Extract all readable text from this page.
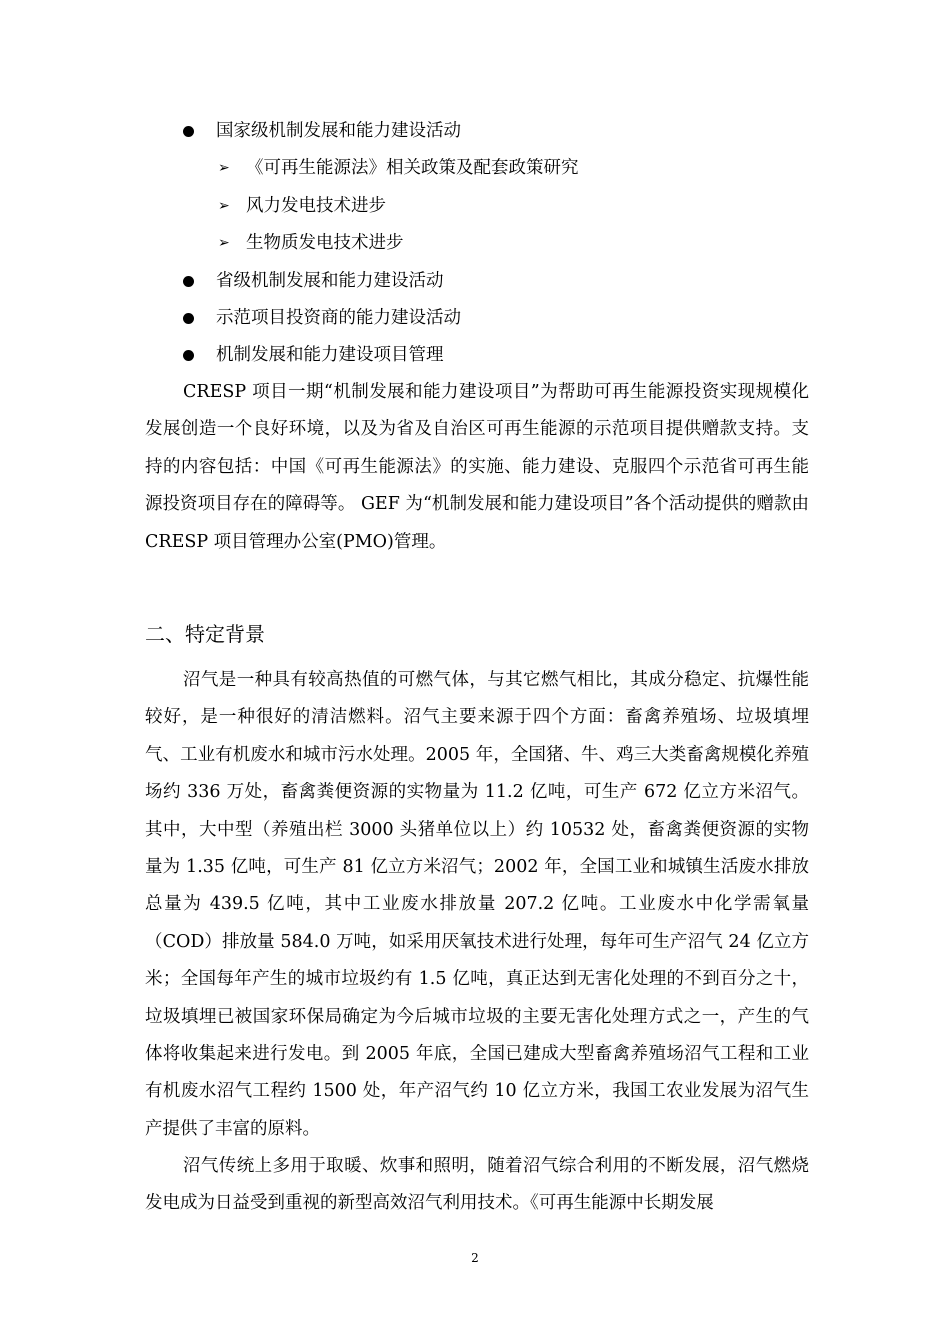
国家级机制发展和能力建设活动
➢ 《可再生能源法》相关政策及配套政策研究
➢ 风力发电技术进步
➢ 生物质发电技术进步
省级机制发展和能力建设活动
示范项目投资商的能力建设活动
机制发展和能力建设项目管理

CRESP 项目一期“机制发展和能力建设项目”为帮助可再生能源投资实现规模化发展创造一个良好环境，以及为省及自治区可再生能源的示范项目提供赠款支持。支持的内容包括：中国《可再生能源法》的实施、能力建设、克服四个示范省可再生能源投资项目存在的障碍等。 GEF 为“机制发展和能力建设项目”各个活动提供的赠款由 CRESP 项目管理办公室(PMO)管理。

二、特定背景

沼气是一种具有较高热值的可燃气体，与其它燃气相比，其成分稳定、抗爆性能较好，是一种很好的清洁燃料。沼气主要来源于四个方面：畜禽养殖场、垃圾填埋气、工业有机废水和城市污水处理。2005 年，全国猪、牛、鸡三大类畜禽规模化养殖场约 336 万处，畜禽粪便资源的实物量为 11.2 亿吨，可生产 672 亿立方米沼气。其中，大中型（养殖出栏 3000 头猪单位以上）约 10532 处，畜禽粪便资源的实物量为 1.35 亿吨，可生产 81 亿立方米沼气；2002 年，全国工业和城镇生活废水排放总量为 439.5 亿吨，其中工业废水排放量 207.2 亿吨。工业废水中化学需氧量（COD）排放量 584.0 万吨，如采用厌氧技术进行处理，每年可生产沼气 24 亿立方米；全国每年产生的城市垃圾约有 1.5 亿吨，真正达到无害化处理的不到百分之十，垃圾填埋已被国家环保局确定为今后城市垃圾的主要无害化处理方式之一，产生的气体将收集起来进行发电。到 2005 年底，全国已建成大型畜禽养殖场沼气工程和工业有机废水沼气工程约 1500 处，年产沼气约 10 亿立方米，我国工农业发展为沼气生产提供了丰富的原料。

沼气传统上多用于取暖、炊事和照明，随着沼气综合利用的不断发展，沼气燃烧发电成为日益受到重视的新型高效沼气利用技术。《可再生能源中长期发展

2
